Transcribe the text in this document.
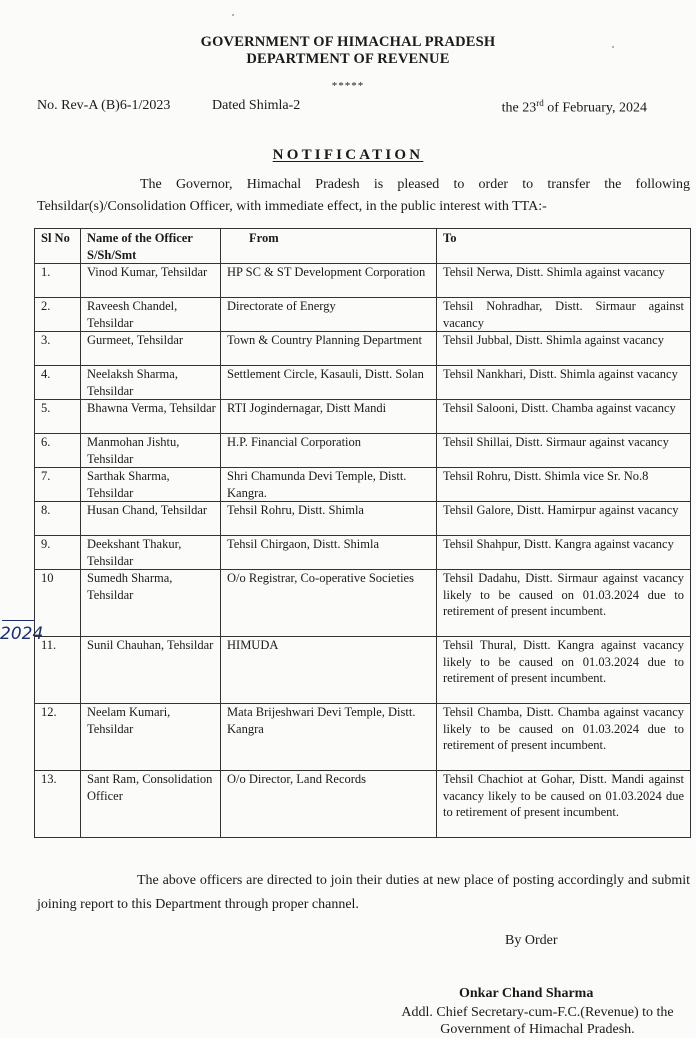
GOVERNMENT OF HIMACHAL PRADESH
DEPARTMENT OF REVENUE
*****
No. Rev-A (B)6-1/2023	Dated Shimla-2	the 23rd of February, 2024
NOTIFICATION
The Governor, Himachal Pradesh is pleased to order to transfer the following Tehsildar(s)/Consolidation Officer, with immediate effect, in the public interest with TTA:-
Sl No	Name of the Officer S/Sh/Smt	From	To
1.	Vinod Kumar, Tehsildar	HP SC & ST Development Corporation	Tehsil Nerwa, Distt. Shimla against vacancy
2.	Raveesh Chandel, Tehsildar	Directorate of Energy	Tehsil Nohradhar, Distt. Sirmaur against vacancy
3.	Gurmeet, Tehsildar	Town & Country Planning Department	Tehsil Jubbal, Distt. Shimla against vacancy
4.	Neelaksh Sharma, Tehsildar	Settlement Circle, Kasauli, Distt. Solan	Tehsil Nankhari, Distt. Shimla against vacancy
5.	Bhawna Verma, Tehsildar	RTI Jogindernagar, Distt Mandi	Tehsil Salooni, Distt. Chamba against vacancy
6.	Manmohan Jishtu, Tehsildar	H.P. Financial Corporation	Tehsil Shillai, Distt. Sirmaur against vacancy
7.	Sarthak Sharma, Tehsildar	Shri Chamunda Devi Temple, Distt. Kangra.	Tehsil Rohru, Distt. Shimla vice Sr. No.8
8.	Husan Chand, Tehsildar	Tehsil Rohru, Distt. Shimla	Tehsil Galore, Distt. Hamirpur against vacancy
9.	Deekshant Thakur, Tehsildar	Tehsil Chirgaon, Distt. Shimla	Tehsil Shahpur, Distt. Kangra against vacancy
10	Sumedh Sharma, Tehsildar	O/o Registrar, Co-operative Societies	Tehsil Dadahu, Distt. Sirmaur against vacancy likely to be caused on 01.03.2024 due to retirement of present incumbent.
11.	Sunil Chauhan, Tehsildar	HIMUDA	Tehsil Thural, Distt. Kangra against vacancy likely to be caused on 01.03.2024 due to retirement of present incumbent.
12.	Neelam Kumari, Tehsildar	Mata Brijeshwari Devi Temple, Distt. Kangra	Tehsil Chamba, Distt. Chamba against vacancy likely to be caused on 01.03.2024 due to retirement of present incumbent.
13.	Sant Ram, Consolidation Officer	O/o Director, Land Records	Tehsil Chachiot at Gohar, Distt. Mandi against vacancy likely to be caused on 01.03.2024 due to retirement of present incumbent.
The above officers are directed to join their duties at new place of posting accordingly and submit joining report to this Department through proper channel.
By Order
Onkar Chand Sharma
Addl. Chief Secretary-cum-F.C.(Revenue) to the
Government of Himachal Pradesh.
2024
